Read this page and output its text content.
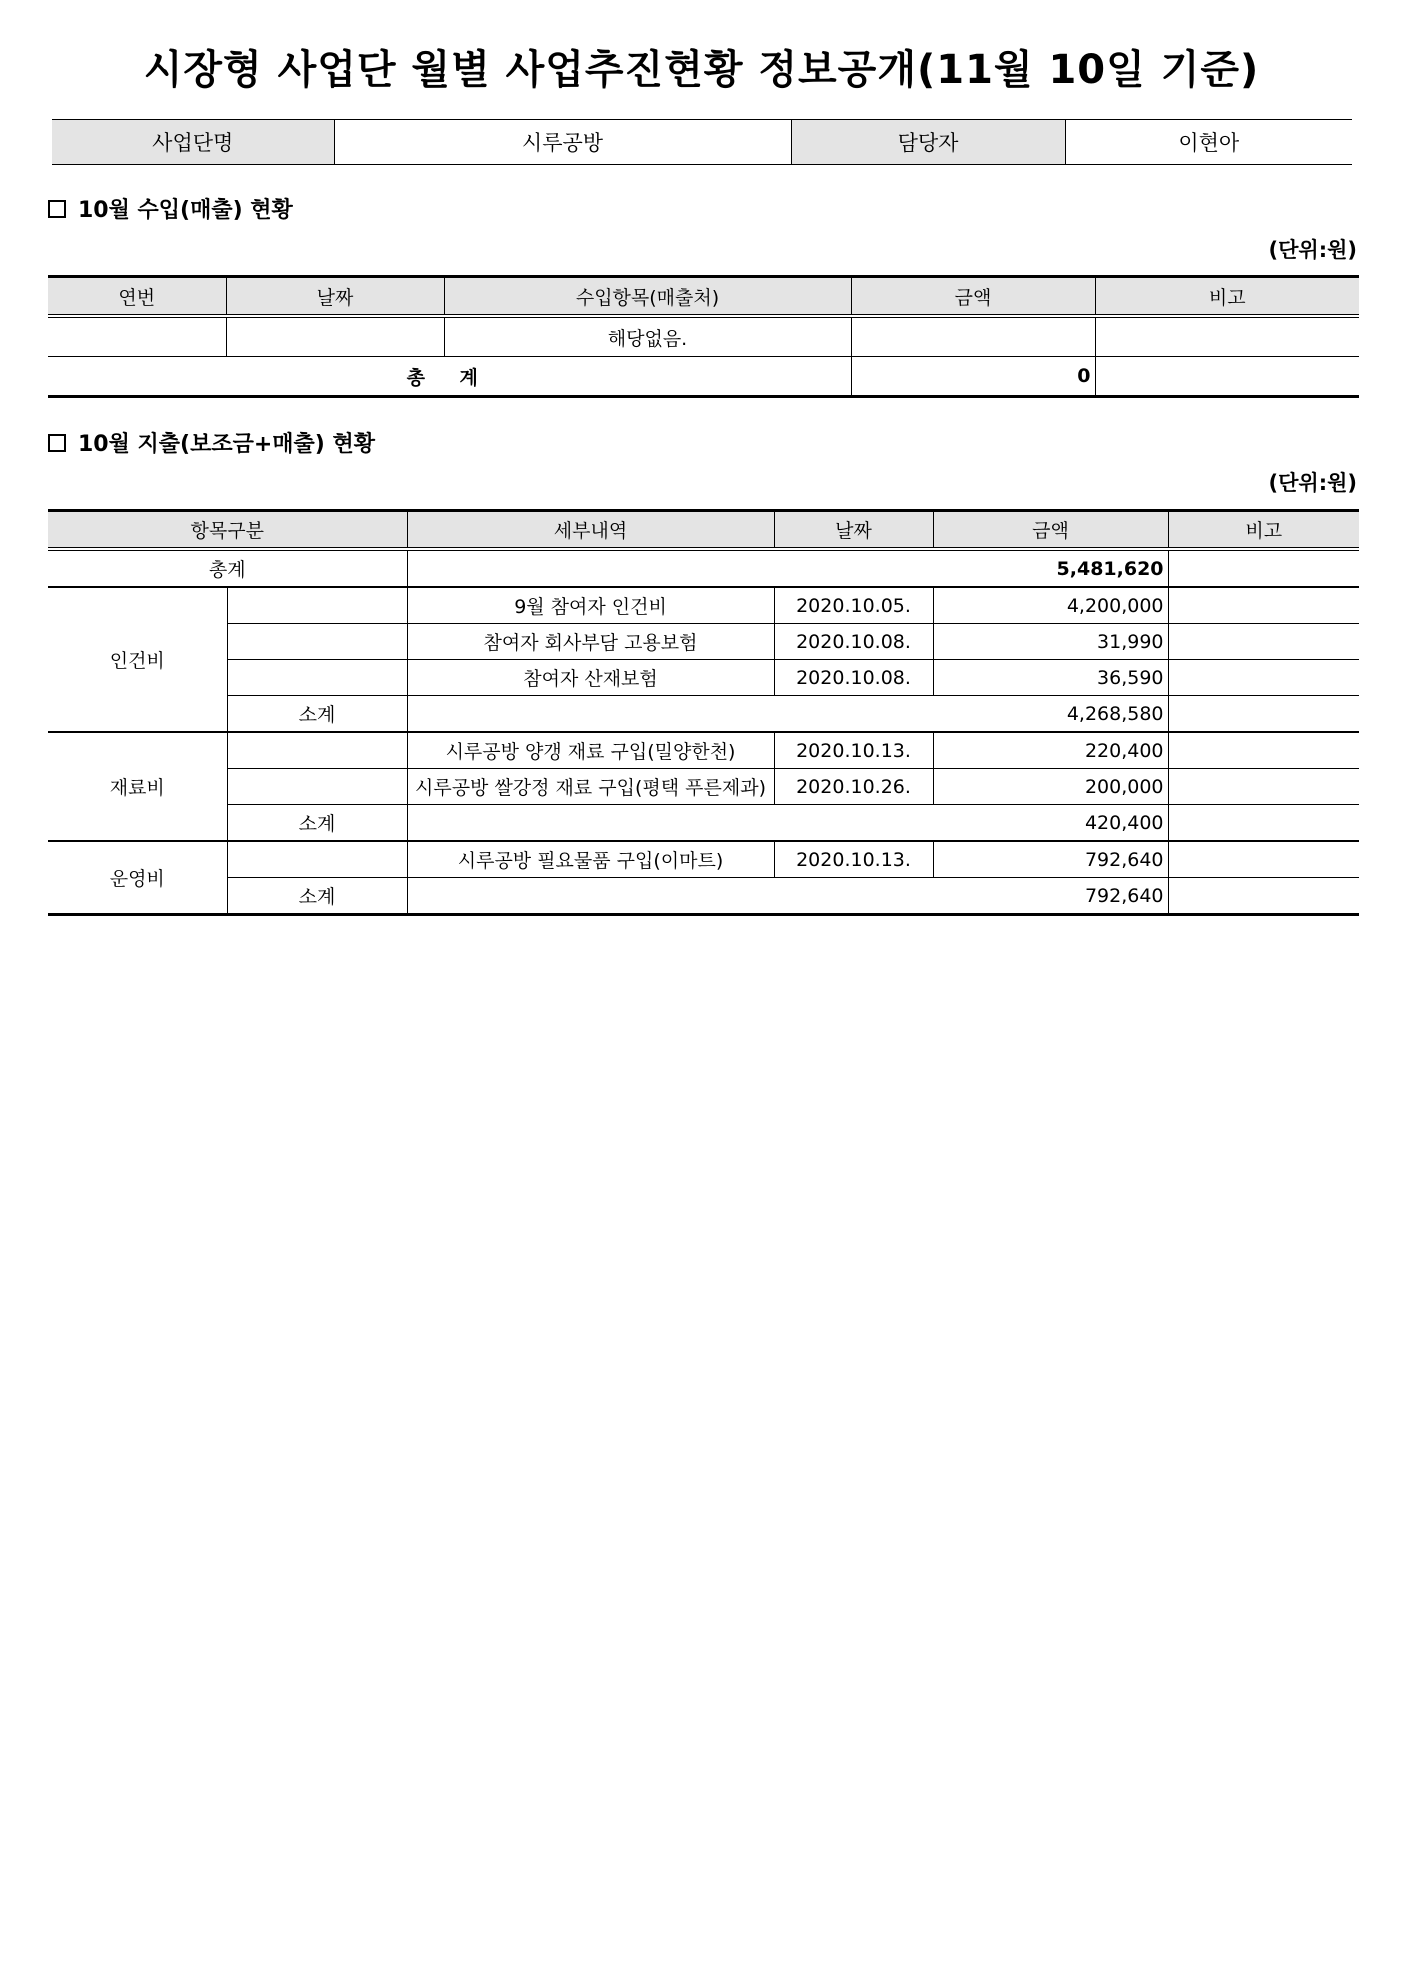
시장형 사업단 월별 사업추진현황 정보공개(11월 10일 기준)
사업단명	시루공방	담당자	이현아
10월 수입(매출) 현황
(단위:원)
연번	날짜	수입항목(매출처)	금액	비고
		해당없음.		
총 계			0	
10월 지출(보조금+매출) 현황
(단위:원)
항목구분		세부내역	날짜	금액	비고
총계		5,481,620			
인건비		9월 참여자 인건비	2020.10.05.	4,200,000	
		참여자 회사부담 고용보험	2020.10.08.	31,990	
		참여자 산재보험	2020.10.08.	36,590	
	소계	4,268,580			
재료비		시루공방 양갱 재료 구입(밀양한천)	2020.10.13.	220,400	
		시루공방 쌀강정 재료 구입(평택 푸른제과)	2020.10.26.	200,000	
	소계	420,400			
운영비		시루공방 필요물품 구입(이마트)	2020.10.13.	792,640	
	소계	792,640			
